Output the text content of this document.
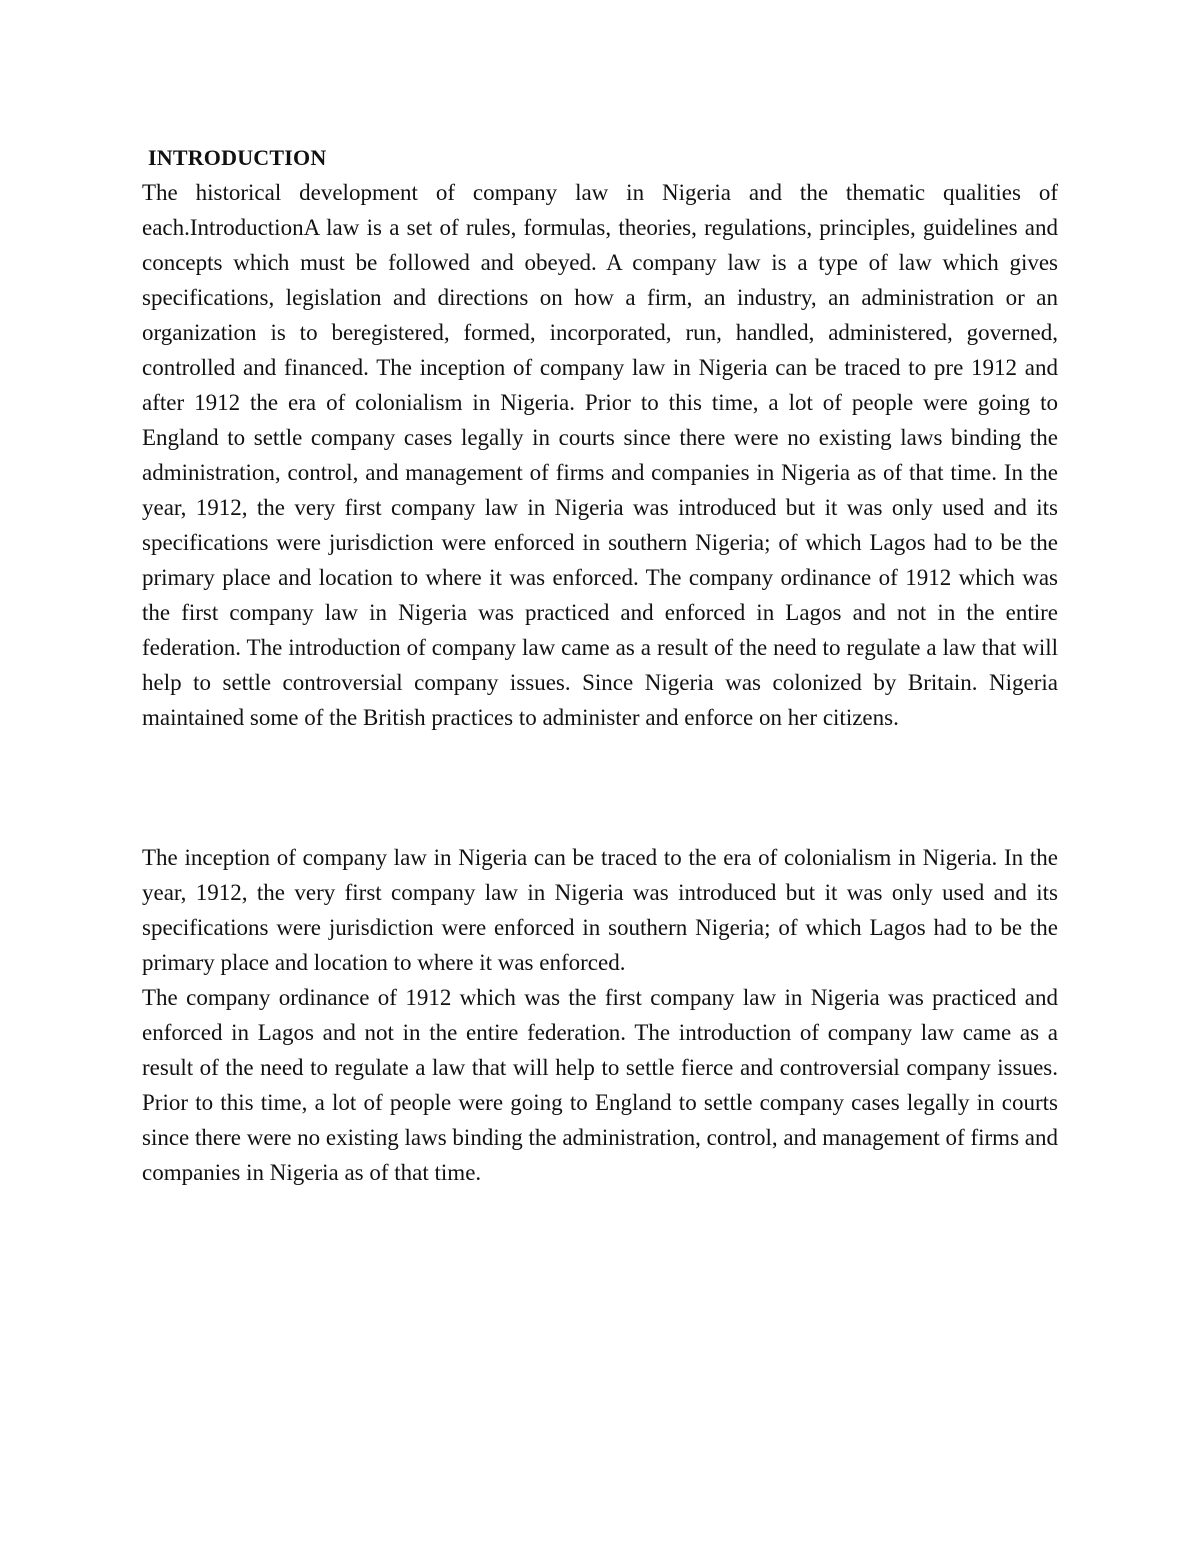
INTRODUCTION

The historical development of company law in Nigeria and the thematic qualities of each.IntroductionA law is a set of rules, formulas, theories, regulations, principles, guidelines and concepts which must be followed and obeyed. A company law is a type of law which gives specifications, legislation and directions on how a firm, an industry, an administration or an organization is to beregistered, formed, incorporated, run, handled, administered, governed, controlled and financed. The inception of company law in Nigeria can be traced to pre 1912 and after 1912 the era of colonialism in Nigeria. Prior to this time, a lot of people were going to England to settle company cases legally in courts since there were no existing laws binding the administration, control, and management of firms and companies in Nigeria as of that time. In the year, 1912, the very first company law in Nigeria was introduced but it was only used and its specifications were jurisdiction were enforced in southern Nigeria; of which Lagos had to be the primary place and location to where it was enforced. The company ordinance of 1912 which was the first company law in Nigeria was practiced and enforced in Lagos and not in the entire federation. The introduction of company law came as a result of the need to regulate a law that will help to settle controversial company issues. Since Nigeria was colonized by Britain. Nigeria maintained some of the British practices to administer and enforce on her citizens.

The inception of company law in Nigeria can be traced to the era of colonialism in Nigeria. In the year, 1912, the very first company law in Nigeria was introduced but it was only used and its specifications were jurisdiction were enforced in southern Nigeria; of which Lagos had to be the primary place and location to where it was enforced.

The company ordinance of 1912 which was the first company law in Nigeria was practiced and enforced in Lagos and not in the entire federation. The introduction of company law came as a result of the need to regulate a law that will help to settle fierce and controversial company issues. Prior to this time, a lot of people were going to England to settle company cases legally in courts since there were no existing laws binding the administration, control, and management of firms and companies in Nigeria as of that time.
